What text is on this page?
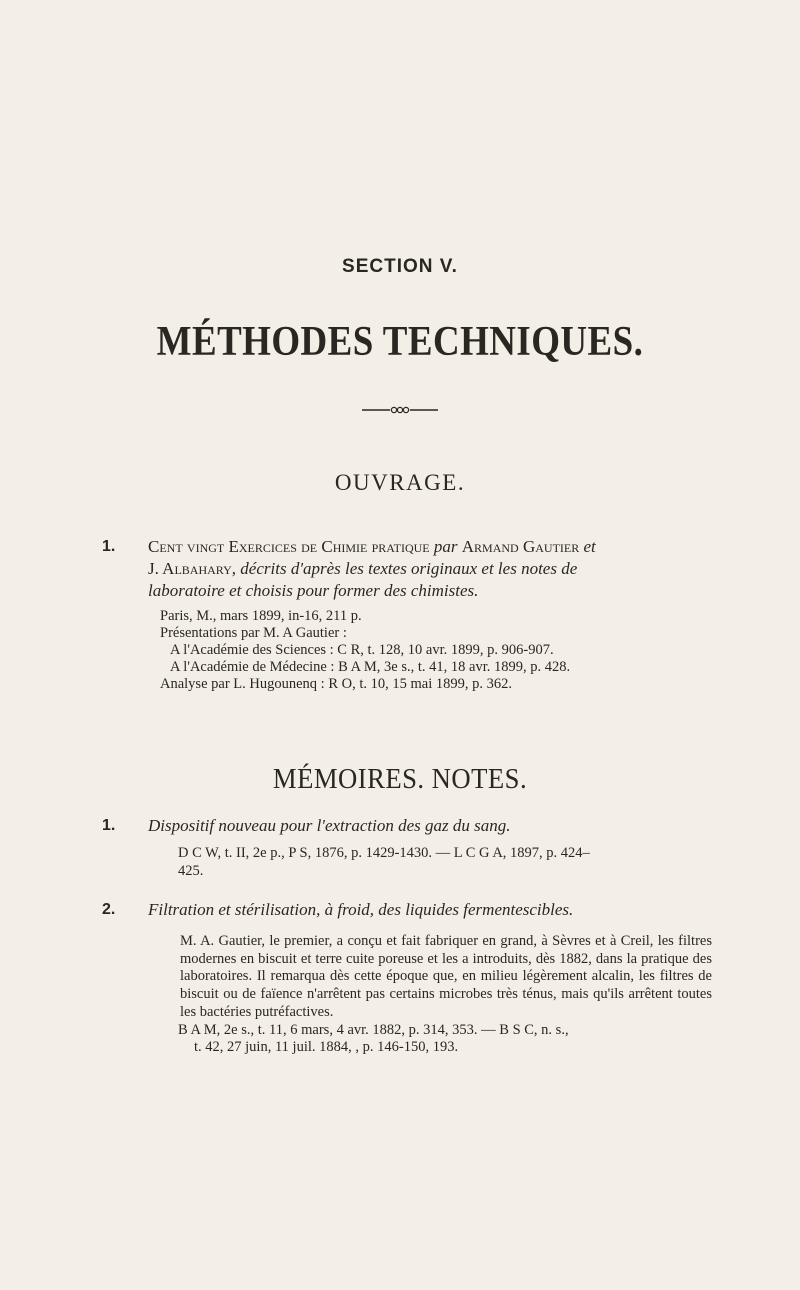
SECTION V.
MÉTHODES TECHNIQUES.
OUVRAGE.
1.	Cent vingt Exercices de Chimie pratique par Armand Gautier et
J. Albahary, décrits d'après les textes originaux et les notes de
laboratoire et choisis pour former des chimistes.
Paris, M., mars 1899, in-16, 211 p.
Présentations par M. A Gautier :
A l'Académie des Sciences : C R, t. 128, 10 avr. 1899, p. 906-907.
A l'Académie de Médecine : B A M, 3e s., t. 41, 18 avr. 1899, p. 428.
Analyse par L. Hugounenq : R O, t. 10, 15 mai 1899, p. 362.
MÉMOIRES. NOTES.
1.	Dispositif nouveau pour l'extraction des gaz du sang.
D C W, t. II, 2e p., P S, 1876, p. 1429-1430. — L C G A, 1897, p. 424–
425.
2.	Filtration et stérilisation, à froid, des liquides fermentescibles.
M. A. Gautier, le premier, a conçu et fait fabriquer en grand, à Sèvres et à Creil, les filtres modernes en biscuit et terre cuite poreuse et les a introduits, dès 1882, dans la pratique des laboratoires. Il remarqua dès cette époque que, en milieu légèrement alcalin, les filtres de biscuit ou de faïence n'arrêtent pas certains microbes très ténus, mais qu'ils arrêtent toutes les bactéries putréfactives.
B A M, 2e s., t. 11, 6 mars, 4 avr. 1882, p. 314, 353. — B S C, n. s.,
t. 42, 27 juin, 11 juil. 1884, , p. 146-150, 193.
